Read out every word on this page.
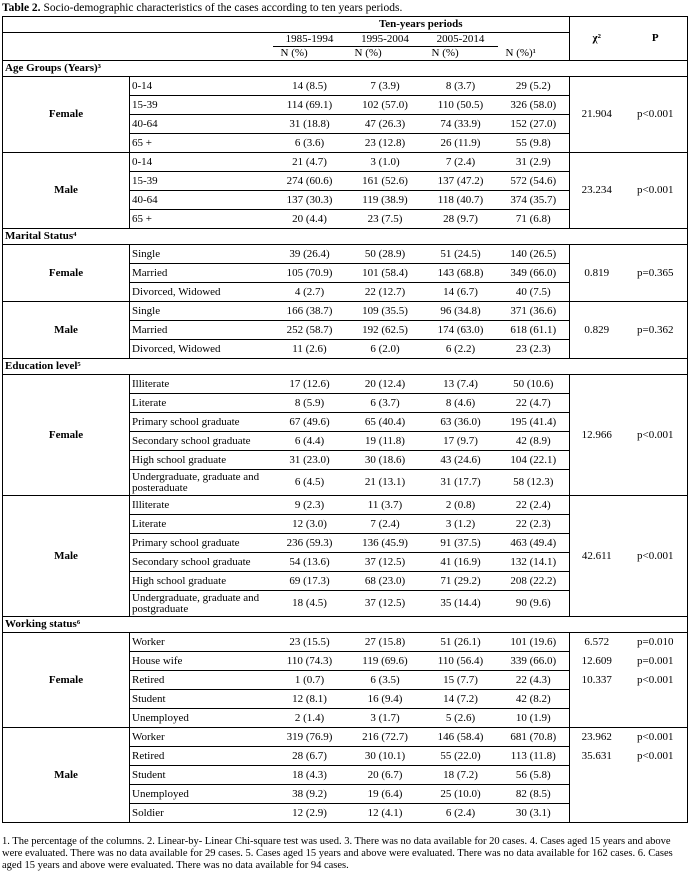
Table 2. Socio-demographic characteristics of the cases according to ten years periods.
		Ten-years periods				χ²	P
		1985-1994	1995-2004	2005-2014			
		N (%)	N (%)	N (%)	N (%)¹		
Age Groups (Years)³							
Female	0-14	14 (8.5)	7 (3.9)	8 (3.7)	29 (5.2)	21.904	p<0.001
	15-39	114 (69.1)	102 (57.0)	110 (50.5)	326 (58.0)		
	40-64	31 (18.8)	47 (26.3)	74 (33.9)	152 (27.0)		
	65 +	6 (3.6)	23 (12.8)	26 (11.9)	55 (9.8)		
Male	0-14	21 (4.7)	3 (1.0)	7 (2.4)	31 (2.9)	23.234	p<0.001
	15-39	274 (60.6)	161 (52.6)	137 (47.2)	572 (54.6)		
	40-64	137 (30.3)	119 (38.9)	118 (40.7)	374 (35.7)		
	65 +	20 (4.4)	23 (7.5)	28 (9.7)	71 (6.8)		
Marital Status⁴							
Female	Single	39 (26.4)	50 (28.9)	51 (24.5)	140 (26.5)	0.819	p=0.365
	Married	105 (70.9)	101 (58.4)	143 (68.8)	349 (66.0)		
	Divorced, Widowed	4 (2.7)	22 (12.7)	14 (6.7)	40 (7.5)		
Male	Single	166 (38.7)	109 (35.5)	96 (34.8)	371 (36.6)	0.829	p=0.362
	Married	252 (58.7)	192 (62.5)	174 (63.0)	618 (61.1)		
	Divorced, Widowed	11 (2.6)	6 (2.0)	6 (2.2)	23 (2.3)		
Education level⁵							
Female	Illiterate	17 (12.6)	20 (12.4)	13 (7.4)	50 (10.6)	12.966	p<0.001
	Literate	8 (5.9)	6 (3.7)	8 (4.6)	22 (4.7)		
	Primary school graduate	67 (49.6)	65 (40.4)	63 (36.0)	195 (41.4)		
	Secondary school graduate	6 (4.4)	19 (11.8)	17 (9.7)	42 (8.9)		
	High school graduate	31 (23.0)	30 (18.6)	43 (24.6)	104 (22.1)		
	Undergraduate, graduate and posteraduate	6 (4.5)	21 (13.1)	31 (17.7)	58 (12.3)		
Male	Illiterate	9 (2.3)	11 (3.7)	2 (0.8)	22 (2.4)	42.611	p<0.001
	Literate	12 (3.0)	7 (2.4)	3 (1.2)	22 (2.3)		
	Primary school graduate	236 (59.3)	136 (45.9)	91 (37.5)	463 (49.4)		
	Secondary school graduate	54 (13.6)	37 (12.5)	41 (16.9)	132 (14.1)		
	High school graduate	69 (17.3)	68 (23.0)	71 (29.2)	208 (22.2)		
	Undergraduate, graduate and postgraduate	18 (4.5)	37 (12.5)	35 (14.4)	90 (9.6)		
Working status⁶							
Female	Worker	23 (15.5)	27 (15.8)	51 (26.1)	101 (19.6)	6.572	p=0.010
	House wife	110 (74.3)	119 (69.6)	110 (56.4)	339 (66.0)	12.609	p=0.001
	Retired	1 (0.7)	6 (3.5)	15 (7.7)	22 (4.3)	10.337	p<0.001
	Student	12 (8.1)	16 (9.4)	14 (7.2)	42 (8.2)		
	Unemployed	2 (1.4)	3 (1.7)	5 (2.6)	10 (1.9)		
Male	Worker	319 (76.9)	216 (72.7)	146 (58.4)	681 (70.8)	23.962	p<0.001
	Retired	28 (6.7)	30 (10.1)	55 (22.0)	113 (11.8)	35.631	p<0.001
	Student	18 (4.3)	20 (6.7)	18 (7.2)	56 (5.8)		
	Unemployed	38 (9.2)	19 (6.4)	25 (10.0)	82 (8.5)		
	Soldier	12 (2.9)	12 (4.1)	6 (2.4)	30 (3.1)		
1. The percentage of the columns. 2. Linear-by- Linear Chi-square test was used. 3. There was no data available for 20 cases. 4. Cases aged 15 years and above were evaluated. There was no data available for 29 cases. 5. Cases aged 15 years and above were evaluated. There was no data available for 162 cases. 6. Cases aged 15 years and above were evaluated. There was no data available for 94 cases.
